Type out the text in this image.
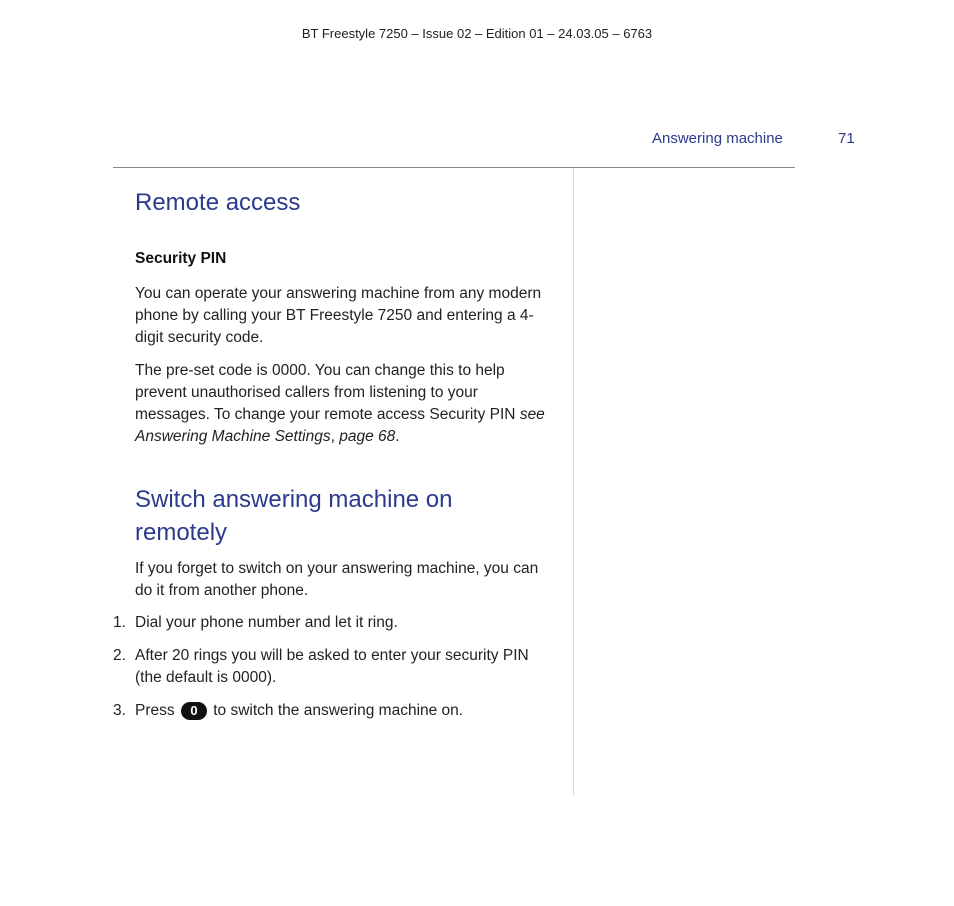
BT Freestyle 7250 – Issue 02 – Edition 01 – 24.03.05 – 6763
Answering machine	71
Remote access
Security PIN

You can operate your answering machine from any modern phone by calling your BT Freestyle 7250 and entering a 4-digit security code.

The pre-set code is 0000. You can change this to help prevent unauthorised callers from listening to your messages. To change your remote access Security PIN see Answering Machine Settings, page 68.

Switch answering machine on
remotely

If you forget to switch on your answering machine, you can do it from another phone.

1. Dial your phone number and let it ring.
2. After 20 rings you will be asked to enter your security PIN (the default is 0000).
3. Press 0 to switch the answering machine on.
